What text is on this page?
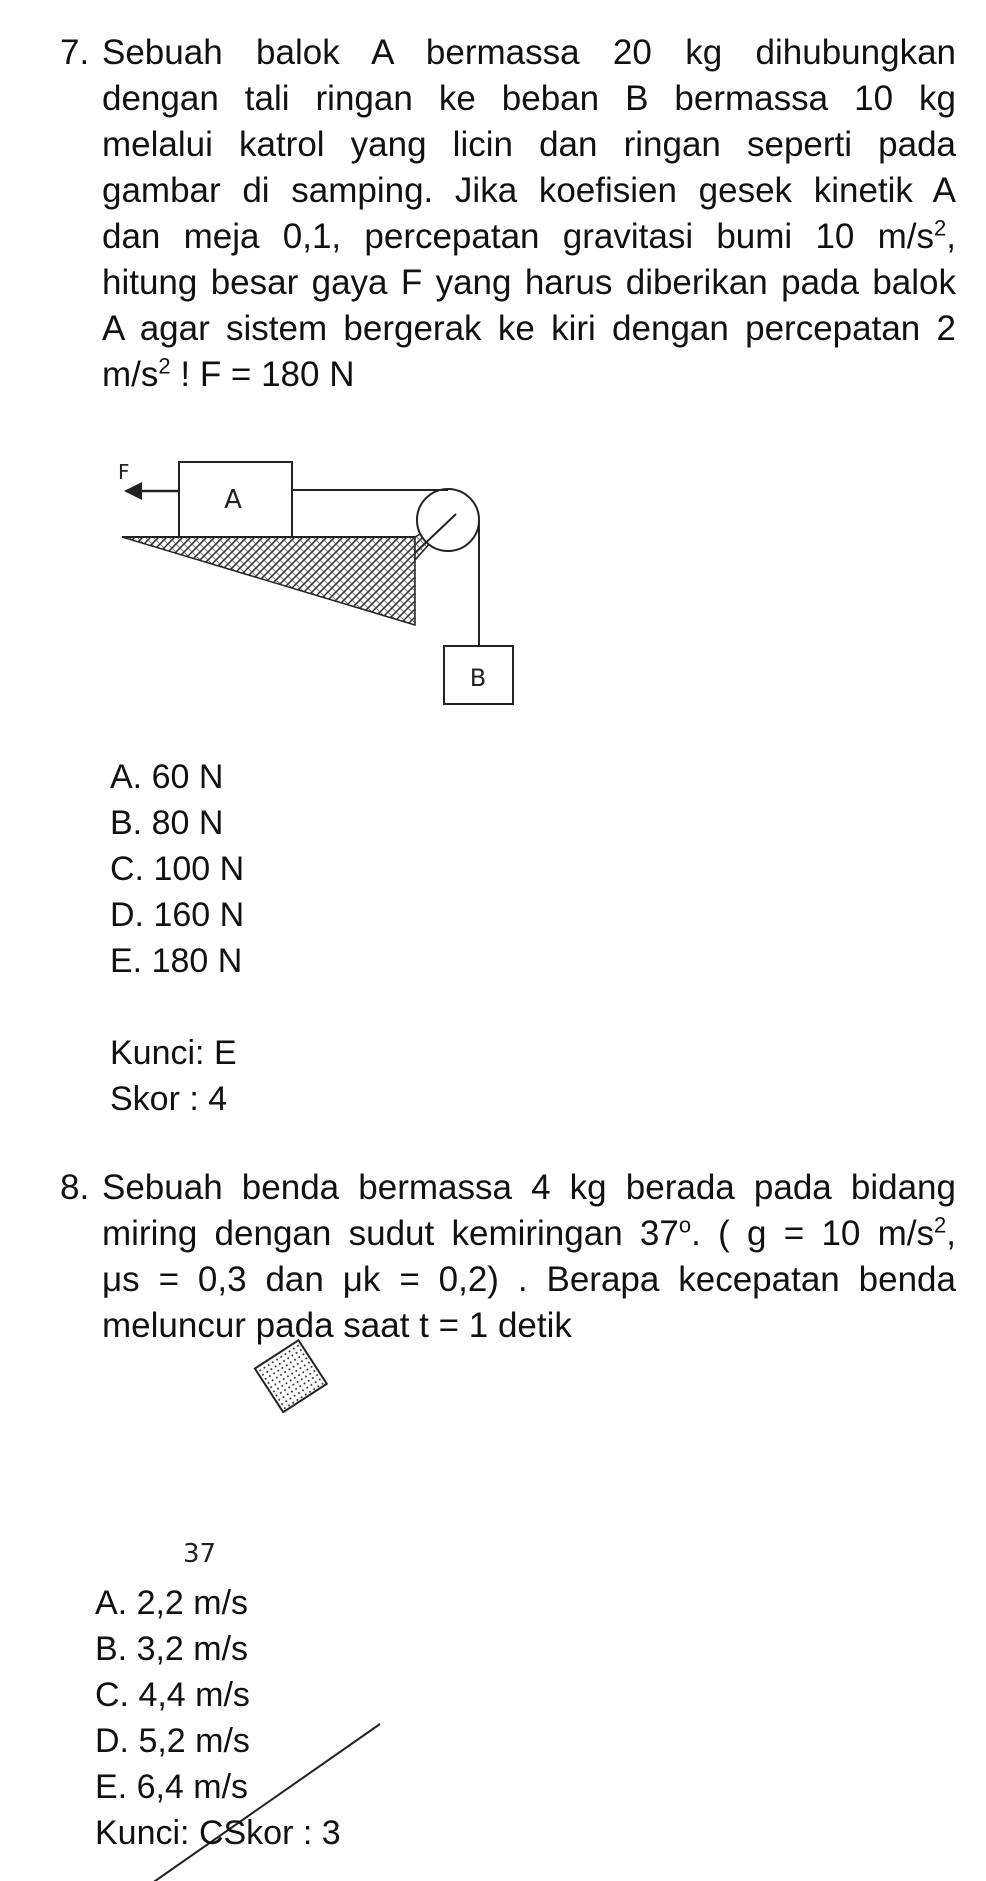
7. Sebuah balok A bermassa 20 kg dihubungkan
dengan tali ringan ke beban B bermassa 10 kg
melalui katrol yang licin dan ringan seperti pada
gambar di samping. Jika koefisien gesek kinetik A
dan meja 0,1, percepatan gravitasi bumi 10 $m/s^2$,
hitung besar gaya F yang harus diberikan pada balok
A agar sistem bergerak ke kiri dengan percepatan 2
$m/s^2$ ! F = 180 N
A
F
B
37
A. 60 N
B. 80 N
C. 100 N
D. 160 N
E. 180 N
Kunci: E
Skor : 4
8. Sebuah benda bermassa 4 kg berada pada bidang
miring dengan sudut kemiringan 37$^o$. ( g = 10 $m/s^2$,
μs = 0,3 dan μk = 0,2) . Berapa kecepatan benda
meluncur pada saat t = 1 detik
A. 2,2 m/s
B. 3,2 m/s
C. 4,4 m/s
D. 5,2 m/s
E. 6,4 m/s
Kunci: CSkor : 3
